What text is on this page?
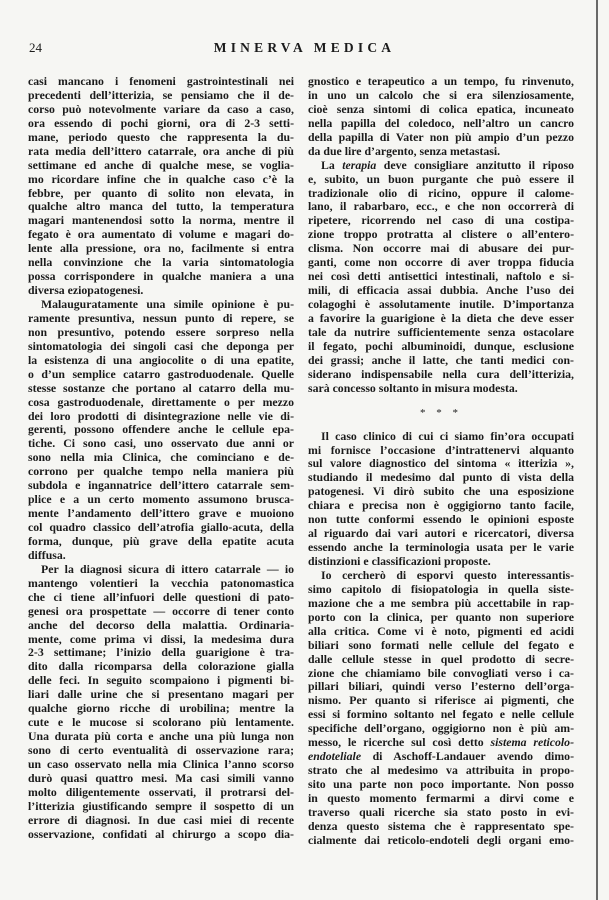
24	MINERVA MEDICA
casi mancano i fenomeni gastrointestinali nei
precedenti dell’itterizia, se pensiamo che il de-
corso può notevolmente variare da caso a caso,
ora essendo di pochi giorni, ora di 2-3 setti-
mane, periodo questo che rappresenta la du-
rata media dell’ittero catarrale, ora anche di più
settimane ed anche di qualche mese, se voglia-
mo ricordare infine che in qualche caso c’è la
febbre, per quanto di solito non elevata, in
qualche altro manca del tutto, la temperatura
magari mantenendosi sotto la norma, mentre il
fegato è ora aumentato di volume e magari do-
lente alla pressione, ora no, facilmente si entra
nella convinzione che la varia sintomatologia
possa corrispondere in qualche maniera a una
diversa eziopatogenesi.
Malauguratamente una simile opinione è pu-
ramente presuntiva, nessun punto di repere, se
non presuntivo, potendo essere sorpreso nella
sintomatologia dei singoli casi che deponga per
la esistenza di una angiocolite o di una epatite,
o d’un semplice catarro gastroduodenale. Quelle
stesse sostanze che portano al catarro della mu-
cosa gastroduodenale, direttamente o per mezzo
dei loro prodotti di disintegrazione nelle vie di-
gerenti, possono offendere anche le cellule epa-
tiche. Ci sono casi, uno osservato due anni or
sono nella mia Clinica, che cominciano e de-
corrono per qualche tempo nella maniera più
subdola e ingannatrice dell’ittero catarrale sem-
plice e a un certo momento assumono brusca-
mente l’andamento dell’ittero grave e muoiono
col quadro classico dell’atrofia giallo-acuta, della
forma, dunque, più grave della epatite acuta
diffusa.
Per la diagnosi sicura di ittero catarrale — io
mantengo volentieri la vecchia patonomastica
che ci tiene all’infuori delle questioni di pato-
genesi ora prospettate — occorre di tener conto
anche del decorso della malattia. Ordinaria-
mente, come prima vi dissi, la medesima dura
2-3 settimane; l’inizio della guarigione è tra-
dito dalla ricomparsa della colorazione gialla
delle feci. In seguito scompaiono i pigmenti bi-
liari dalle urine che si presentano magari per
qualche giorno ricche di urobilina; mentre la
cute e le mucose si scolorano più lentamente.
Una durata più corta e anche una più lunga non
sono di certo eventualità di osservazione rara;
un caso osservato nella mia Clinica l’anno scorso
durò quasi quattro mesi. Ma casi simili vanno
molto diligentemente osservati, il protrarsi del-
l’itterizia giustificando sempre il sospetto di un
errore di diagnosi. In due casi miei di recente
osservazione, confidati al chirurgo a scopo dia-
gnostico e terapeutico a un tempo, fu rinvenuto,
in uno un calcolo che si era silenziosamente,
cioè senza sintomi di colica epatica, incuneato
nella papilla del coledoco, nell’altro un cancro
della papilla di Vater non più ampio d’un pezzo
da due lire d’argento, senza metastasi.
La terapia deve consigliare anzitutto il riposo
e, subito, un buon purgante che può essere il
tradizionale olio di ricino, oppure il calome-
lano, il rabarbaro, ecc., e che non occorrerà di
ripetere, ricorrendo nel caso di una costipa-
zione troppo protratta al clistere o all’entero-
clisma. Non occorre mai di abusare dei pur-
ganti, come non occorre di aver troppa fiducia
nei così detti antisettici intestinali, naftolo e si-
mili, di efficacia assai dubbia. Anche l’uso dei
colagoghi è assolutamente inutile. D’importanza
a favorire la guarigione è la dieta che deve esser
tale da nutrire sufficientemente senza ostacolare
il fegato, pochi albuminoidi, dunque, esclusione
dei grassi; anche il latte, che tanti medici con-
siderano indispensabile nella cura dell’itterizia,
sarà concesso soltanto in misura modesta.
* * *
Il caso clinico di cui ci siamo fin’ora occupati
mi fornisce l’occasione d’intrattenervi alquanto
sul valore diagnostico del sintoma « itterizia »,
studiando il medesimo dal punto di vista della
patogenesi. Vi dirò subito che una esposizione
chiara e precisa non è oggigiorno tanto facile,
non tutte conformi essendo le opinioni esposte
al riguardo dai vari autori e ricercatori, diversa
essendo anche la terminologia usata per le varie
distinzioni e classificazioni proposte.
Io cercherò di esporvi questo interessantis-
simo capitolo di fisiopatologia in quella siste-
mazione che a me sembra più accettabile in rap-
porto con la clinica, per quanto non superiore
alla critica. Come vi è noto, pigmenti ed acidi
biliari sono formati nelle cellule del fegato e
dalle cellule stesse in quel prodotto di secre-
zione che chiamiamo bile convogliati verso i ca-
pillari biliari, quindi verso l’esterno dell’orga-
nismo. Per quanto si riferisce ai pigmenti, che
essi si formino soltanto nel fegato e nelle cellule
specifiche dell’organo, oggigiorno non è più am-
messo, le ricerche sul così detto sistema reticolo-
endoteliale di Aschoff-Landauer avendo dimo-
strato che al medesimo va attribuita in propo-
sito una parte non poco importante. Non posso
in questo momento fermarmi a dirvi come e
traverso quali ricerche sia stato posto in evi-
denza questo sistema che è rappresentato spe-
cialmente dai reticolo-endoteli degli organi emo-
